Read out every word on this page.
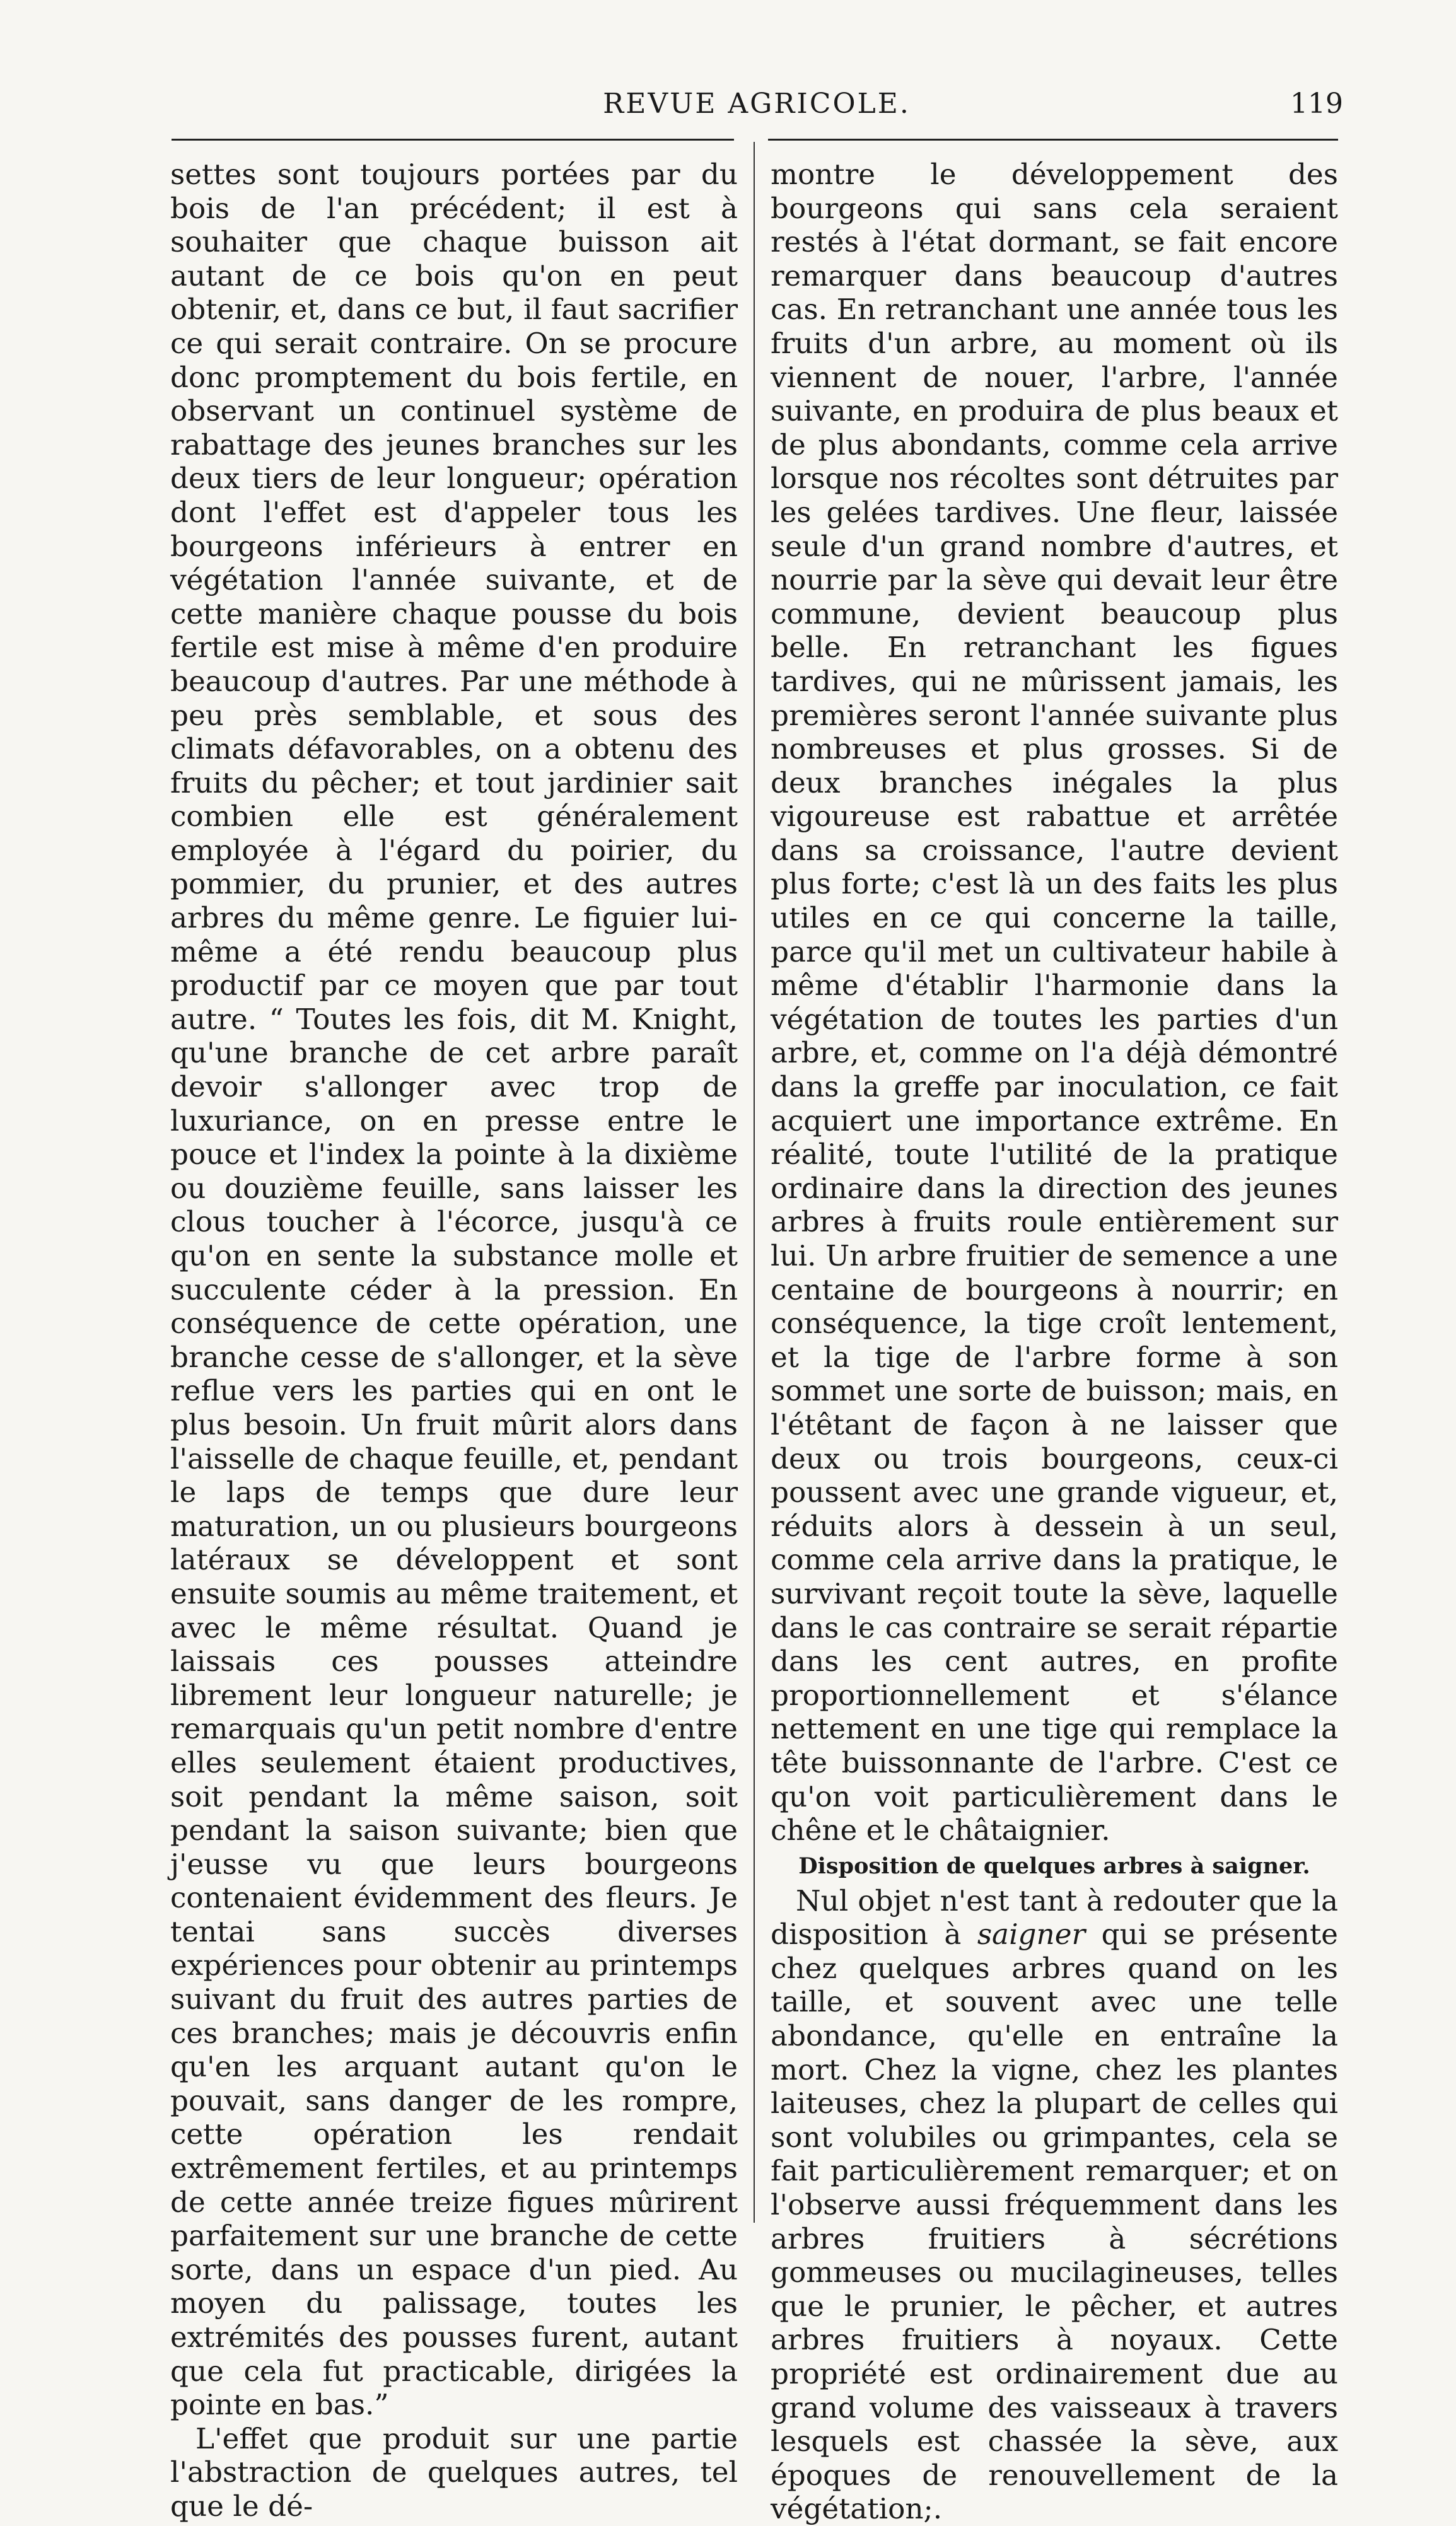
REVUE AGRICOLE.	119

settes sont toujours portées par du bois de l'an précédent; il est à souhaiter que chaque buisson ait autant de ce bois qu'on en peut obtenir, et, dans ce but, il faut sacrifier ce qui serait contraire. On se procure donc promptement du bois fertile, en observant un continuel système de rabattage des jeunes branches sur les deux tiers de leur longueur; opération dont l'effet est d'appeler tous les bourgeons inférieurs à entrer en végétation l'année suivante, et de cette manière chaque pousse du bois fertile est mise à même d'en produire beaucoup d'autres. Par une méthode à peu près semblable, et sous des climats défavorables, on a obtenu des fruits du pêcher; et tout jardinier sait combien elle est généralement employée à l'égard du poirier, du pommier, du prunier, et des autres arbres du même genre. Le figuier lui-même a été rendu beaucoup plus productif par ce moyen que par tout autre. “ Toutes les fois, dit M. Knight, qu'une branche de cet arbre paraît devoir s'allonger avec trop de luxuriance, on en presse entre le pouce et l'index la pointe à la dixième ou douzième feuille, sans laisser les clous toucher à l'écorce, jusqu'à ce qu'on en sente la substance molle et succulente céder à la pression. En conséquence de cette opération, une branche cesse de s'allonger, et la sève reflue vers les parties qui en ont le plus besoin. Un fruit mûrit alors dans l'aisselle de chaque feuille, et, pendant le laps de temps que dure leur maturation, un ou plusieurs bourgeons latéraux se développent et sont ensuite soumis au même traitement, et avec le même résultat. Quand je laissais ces pousses atteindre librement leur longueur naturelle; je remarquais qu'un petit nombre d'entre elles seulement étaient productives, soit pendant la même saison, soit pendant la saison suivante; bien que j'eusse vu que leurs bourgeons contenaient évidemment des fleurs. Je tentai sans succès diverses expériences pour obtenir au printemps suivant du fruit des autres parties de ces branches; mais je découvris enfin qu'en les arquant autant qu'on le pouvait, sans danger de les rompre, cette opération les rendait extrêmement fertiles, et au printemps de cette année treize figues mûrirent parfaitement sur une branche de cette sorte, dans un espace d'un pied. Au moyen du palissage, toutes les extrémités des pousses furent, autant que cela fut practicable, dirigées la pointe en bas.”

L'effet que produit sur une partie l'abstraction de quelques autres, tel que le dé-

montre le développement des bourgeons qui sans cela seraient restés à l'état dormant, se fait encore remarquer dans beaucoup d'autres cas. En retranchant une année tous les fruits d'un arbre, au moment où ils viennent de nouer, l'arbre, l'année suivante, en produira de plus beaux et de plus abondants, comme cela arrive lorsque nos récoltes sont détruites par les gelées tardives. Une fleur, laissée seule d'un grand nombre d'autres, et nourrie par la sève qui devait leur être commune, devient beaucoup plus belle. En retranchant les figues tardives, qui ne mûrissent jamais, les premières seront l'année suivante plus nombreuses et plus grosses. Si de deux branches inégales la plus vigoureuse est rabattue et arrêtée dans sa croissance, l'autre devient plus forte; c'est là un des faits les plus utiles en ce qui concerne la taille, parce qu'il met un cultivateur habile à même d'établir l'harmonie dans la végétation de toutes les parties d'un arbre, et, comme on l'a déjà démontré dans la greffe par inoculation, ce fait acquiert une importance extrême. En réalité, toute l'utilité de la pratique ordinaire dans la direction des jeunes arbres à fruits roule entièrement sur lui. Un arbre fruitier de semence a une centaine de bourgeons à nourrir; en conséquence, la tige croît lentement, et la tige de l'arbre forme à son sommet une sorte de buisson; mais, en l'étêtant de façon à ne laisser que deux ou trois bourgeons, ceux-ci poussent avec une grande vigueur, et, réduits alors à dessein à un seul, comme cela arrive dans la pratique, le survivant reçoit toute la sève, laquelle dans le cas contraire se serait répartie dans les cent autres, en profite proportionnellement et s'élance nettement en une tige qui remplace la tête buissonnante de l'arbre. C'est ce qu'on voit particulièrement dans le chêne et le châtaignier.

Disposition de quelques arbres à saigner.

Nul objet n'est tant à redouter que la disposition à saigner qui se présente chez quelques arbres quand on les taille, et souvent avec une telle abondance, qu'elle en entraîne la mort. Chez la vigne, chez les plantes laiteuses, chez la plupart de celles qui sont volubiles ou grimpantes, cela se fait particulièrement remarquer; et on l'observe aussi fréquemment dans les arbres fruitiers à sécrétions gommeuses ou mucilagineuses, telles que le prunier, le pêcher, et autres arbres fruitiers à noyaux. Cette propriété est ordinairement due au grand volume des vaisseaux à travers lesquels est chassée la sève, aux époques de renouvellement de la végétation;.
